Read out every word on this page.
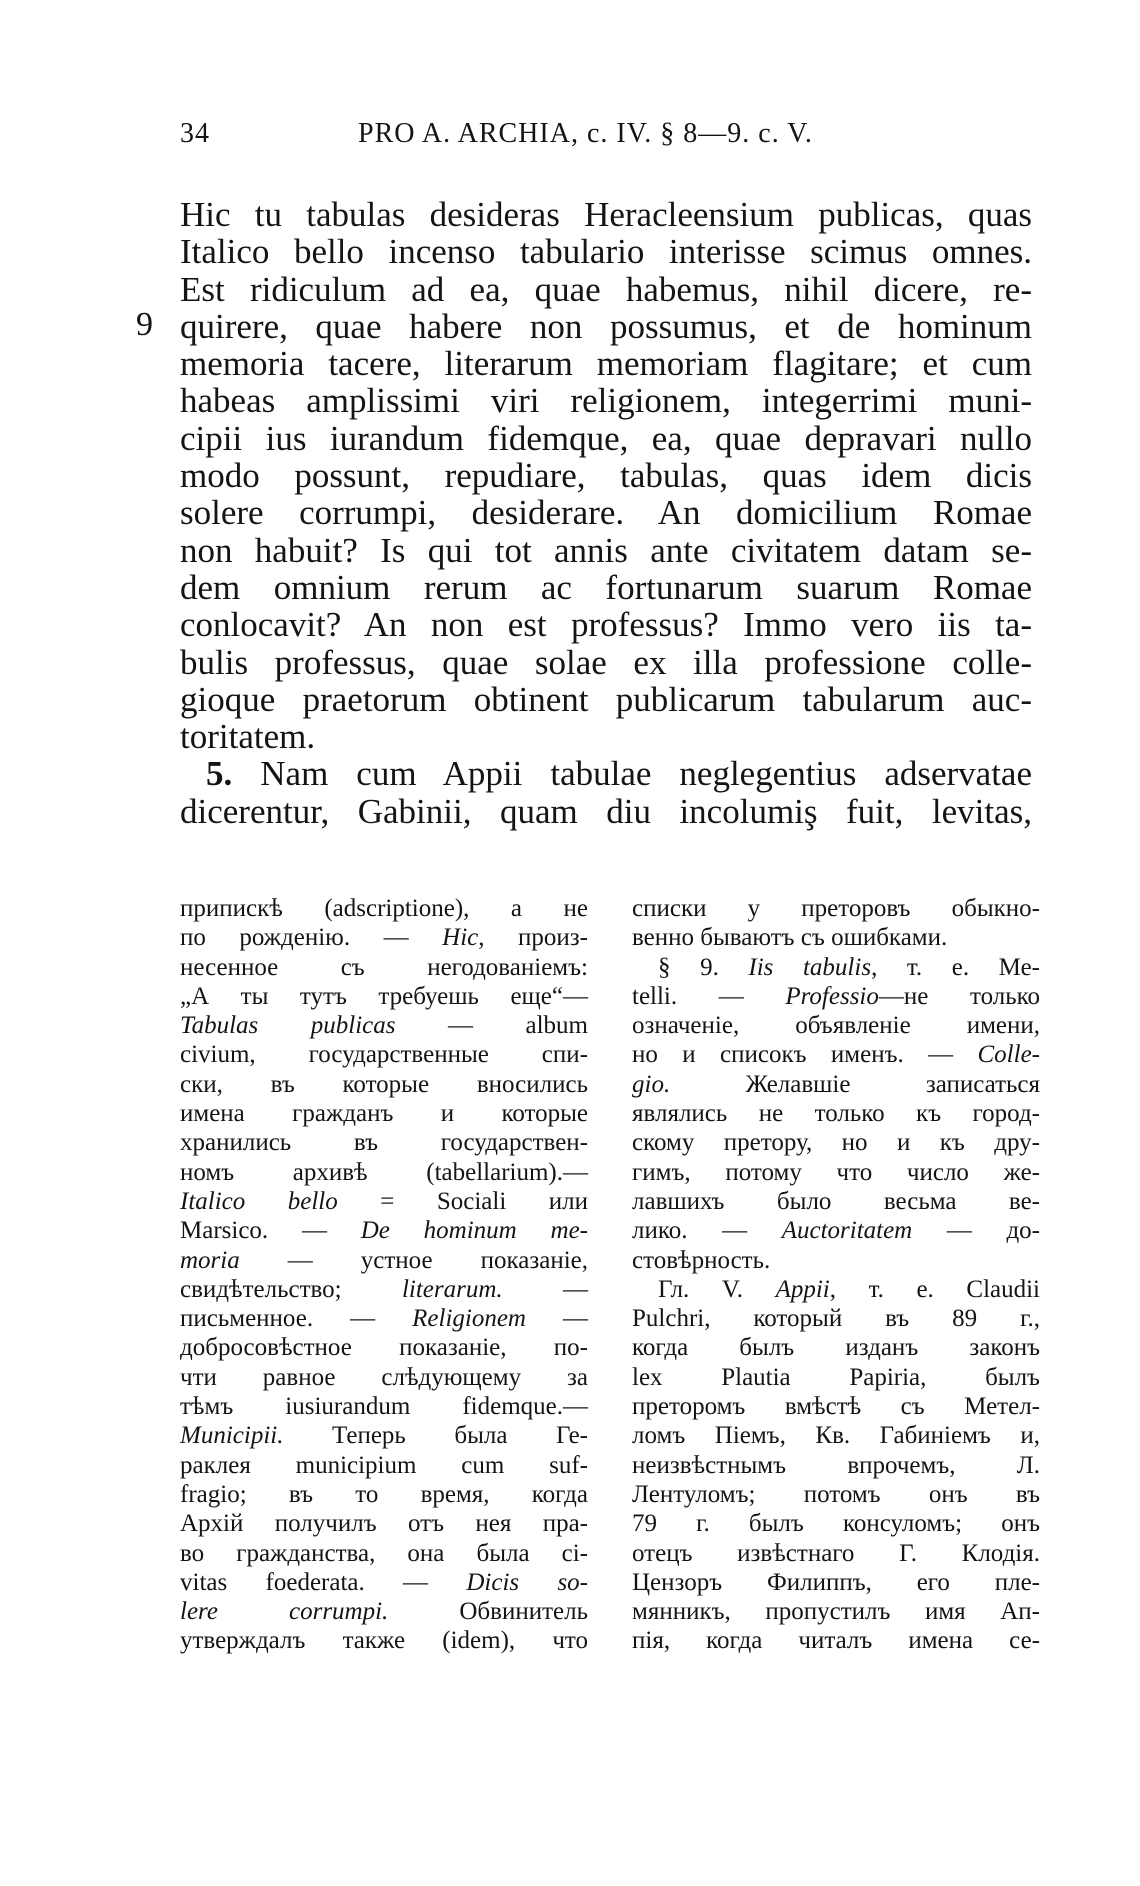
34	PRO A. ARCHIA, c. IV. § 8—9. c. V.
9
Hic tu tabulas desideras Heracleensium publicas, quas
Italico bello incenso tabulario interisse scimus omnes.
Est ridiculum ad ea, quae habemus, nihil dicere, re-
quirere, quae habere non possumus, et de hominum
memoria tacere, literarum memoriam flagitare; et cum
habeas amplissimi viri religionem, integerrimi muni-
cipii ius iurandum fidemque, ea, quae depravari nullo
modo possunt, repudiare, tabulas, quas idem dicis
solere corrumpi, desiderare. An domicilium Romae
non habuit? Is qui tot annis ante civitatem datam se-
dem omnium rerum ac fortunarum suarum Romae
conlocavit? An non est professus? Immo vero iis ta-
bulis professus, quae solae ex illa professione colle-
gioque praetorum obtinent publicarum tabularum auc-
toritatem.
5. Nam cum Appii tabulae neglegentius adservatae
dicerentur, Gabinii, quam diu incolumiş fuit, levitas,
припискѣ (adscriptione), а не
по рожденію. — Hic, произ-
несенное съ негодованіемъ:
„А ты тутъ требуешь еще“—
Tabulas publicas — album
civium, государственные спи-
ски, въ которые вносились
имена гражданъ и которые
хранились въ государствен-
номъ архивѣ (tabellarium).—
Italico bello = Sociali или
Marsico. — De hominum me-
moria — устное показаніе,
свидѣтельство; literarum. —
письменное. — Religionem —
добросовѣстное показаніе, по-
чти равное слѣдующему за
тѣмъ iusiurandum fidemque.—
Municipii. Теперь была Ге-
раклея municipium cum suf-
fragio; въ то время, когда
Архій получилъ отъ нея пра-
во гражданства, она была ci-
vitas foederata. — Dicis so-
lere corrumpi. Обвинитель
утверждалъ также (idem), что
списки у преторовъ обыкно-
венно бываютъ съ ошибками.
§ 9. Iis tabulis, т. е. Ме-
telli. — Professio—не только
означеніе, объявленіе имени,
но и списокъ именъ. — Colle-
gio. Желавшіе записаться
являлись не только къ город-
скому претору, но и къ дру-
гимъ, потому что число же-
лавшихъ было весьма ве-
лико. — Auctoritatem — до-
стовѣрность.
Гл. V. Appii, т. е. Claudii
Pulchri, который въ 89 г.,
когда былъ изданъ законъ
lex Plautia Papiria, былъ
преторомъ вмѣстѣ съ Метел-
ломъ Піемъ, Кв. Габиніемъ и,
неизвѣстнымъ впрочемъ, Л.
Лентуломъ; потомъ онъ въ
79 г. былъ консуломъ; онъ
отецъ извѣстнаго Г. Клодія.
Цензоръ Филиппъ, его пле-
мянникъ, пропустилъ имя Ап-
пія, когда читалъ имена се-
